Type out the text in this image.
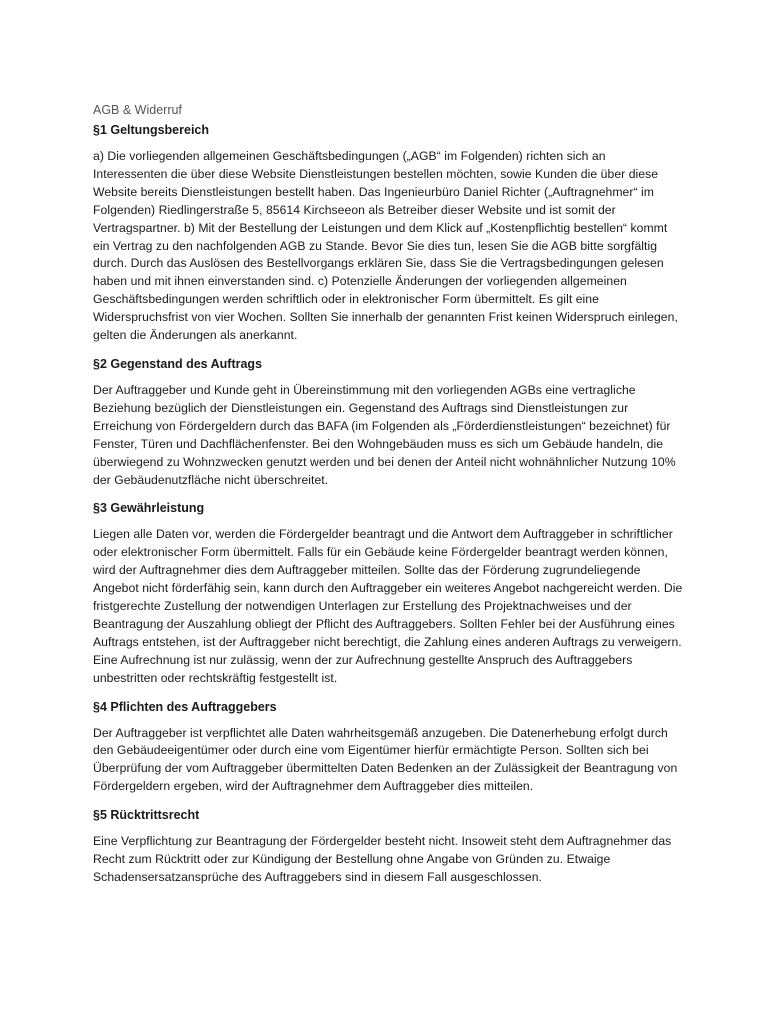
AGB & Widerruf
§1 Geltungsbereich

a) Die vorliegenden allgemeinen Geschäftsbedingungen („AGB“ im Folgenden) richten sich an Interessenten die über diese Website Dienstleistungen bestellen möchten, sowie Kunden die über diese Website bereits Dienstleistungen bestellt haben. Das Ingenieurbüro Daniel Richter („Auftragnehmer“ im Folgenden) Riedlingerstraße 5, 85614 Kirchseeon als Betreiber dieser Website und ist somit der Vertragspartner. b) Mit der Bestellung der Leistungen und dem Klick auf „Kostenpflichtig bestellen“ kommt ein Vertrag zu den nachfolgenden AGB zu Stande. Bevor Sie dies tun, lesen Sie die AGB bitte sorgfältig durch. Durch das Auslösen des Bestellvorgangs erklären Sie, dass Sie die Vertragsbedingungen gelesen haben und mit ihnen einverstanden sind. c) Potenzielle Änderungen der vorliegenden allgemeinen Geschäftsbedingungen werden schriftlich oder in elektronischer Form übermittelt. Es gilt eine Widerspruchsfrist von vier Wochen. Sollten Sie innerhalb der genannten Frist keinen Widerspruch einlegen, gelten die Änderungen als anerkannt.

§2 Gegenstand des Auftrags

Der Auftraggeber und Kunde geht in Übereinstimmung mit den vorliegenden AGBs eine vertragliche Beziehung bezüglich der Dienstleistungen ein. Gegenstand des Auftrags sind Dienstleistungen zur Erreichung von Fördergeldern durch das BAFA (im Folgenden als „Förderdienstleistungen“ bezeichnet) für Fenster, Türen und Dachflächenfenster. Bei den Wohngebäuden muss es sich um Gebäude handeln, die überwiegend zu Wohnzwecken genutzt werden und bei denen der Anteil nicht wohnähnlicher Nutzung 10% der Gebäudenutzfläche nicht überschreitet.

§3 Gewährleistung

Liegen alle Daten vor, werden die Fördergelder beantragt und die Antwort dem Auftraggeber in schriftlicher oder elektronischer Form übermittelt. Falls für ein Gebäude keine Fördergelder beantragt werden können, wird der Auftragnehmer dies dem Auftraggeber mitteilen. Sollte das der Förderung zugrundeliegende Angebot nicht förderfähig sein, kann durch den Auftraggeber ein weiteres Angebot nachgereicht werden. Die fristgerechte Zustellung der notwendigen Unterlagen zur Erstellung des Projektnachweises und der Beantragung der Auszahlung obliegt der Pflicht des Auftraggebers. Sollten Fehler bei der Ausführung eines Auftrags entstehen, ist der Auftraggeber nicht berechtigt, die Zahlung eines anderen Auftrags zu verweigern. Eine Aufrechnung ist nur zulässig, wenn der zur Aufrechnung gestellte Anspruch des Auftraggebers unbestritten oder rechtskräftig festgestellt ist.

§4 Pflichten des Auftraggebers

Der Auftraggeber ist verpflichtet alle Daten wahrheitsgemäß anzugeben. Die Datenerhebung erfolgt durch den Gebäudeeigentümer oder durch eine vom Eigentümer hierfür ermächtigte Person. Sollten sich bei Überprüfung der vom Auftraggeber übermittelten Daten Bedenken an der Zulässigkeit der Beantragung von Fördergeldern ergeben, wird der Auftragnehmer dem Auftraggeber dies mitteilen.

§5 Rücktrittsrecht

Eine Verpflichtung zur Beantragung der Fördergelder besteht nicht. Insoweit steht dem Auftragnehmer das Recht zum Rücktritt oder zur Kündigung der Bestellung ohne Angabe von Gründen zu. Etwaige Schadensersatzansprüche des Auftraggebers sind in diesem Fall ausgeschlossen.
